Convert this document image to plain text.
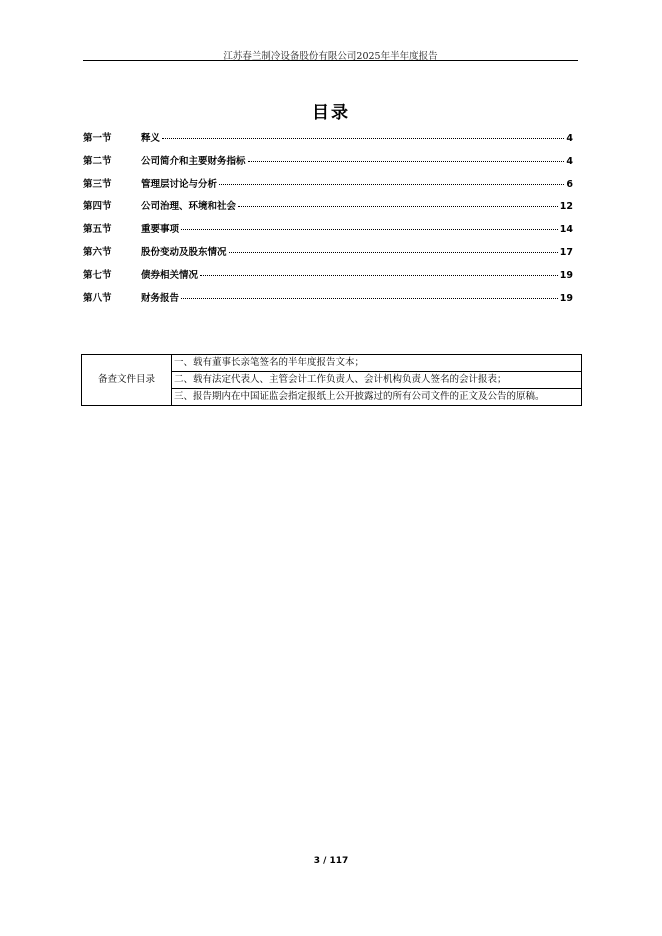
江苏春兰制冷设备股份有限公司2025年半年度报告
目录
第一节	释义	4
第二节	公司简介和主要财务指标	4
第三节	管理层讨论与分析	6
第四节	公司治理、环境和社会	12
第五节	重要事项	14
第六节	股份变动及股东情况	17
第七节	债券相关情况	19
第八节	财务报告	19
备查文件目录	一、载有董事长亲笔签名的半年度报告文本；
二、载有法定代表人、主管会计工作负责人、会计机构负责人签名的会计报表；
三、报告期内在中国证监会指定报纸上公开披露过的所有公司文件的正文及公告的原稿。
3 / 117
